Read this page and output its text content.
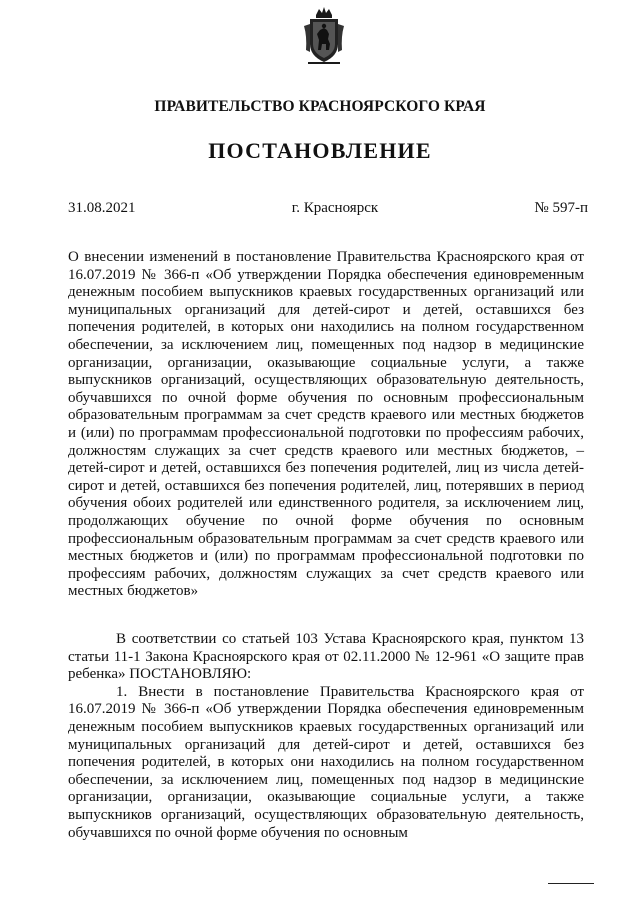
ПРАВИТЕЛЬСТВО КРАСНОЯРСКОГО КРАЯ
ПОСТАНОВЛЕНИЕ
31.08.2021	г. Красноярск	№ 597-п
О внесении изменений в постановление Правительства Красноярского края от 16.07.2019 № 366-п «Об утверждении Порядка обеспечения единовременным денежным пособием выпускников краевых государственных организаций или муниципальных организаций для детей-сирот и детей, оставшихся без попечения родителей, в которых они находились на полном государственном обеспечении, за исключением лиц, помещенных под надзор в медицинские организации, организации, оказывающие социальные услуги, а также выпускников организаций, осуществляющих образовательную деятельность, обучавшихся по очной форме обучения по основным профессиональным образовательным программам за счет средств краевого или местных бюджетов и (или) по программам профессиональной подготовки по профессиям рабочих, должностям служащих за счет средств краевого или местных бюджетов, – детей-сирот и детей, оставшихся без попечения родителей, лиц из числа детей-сирот и детей, оставшихся без попечения родителей, лиц, потерявших в период обучения обоих родителей или единственного родителя, за исключением лиц, продолжающих обучение по очной форме обучения по основным профессиональным образовательным программам за счет средств краевого или местных бюджетов и (или) по программам профессиональной подготовки по профессиям рабочих, должностям служащих за счет средств краевого или местных бюджетов»

В соответствии со статьей 103 Устава Красноярского края, пунктом 13 статьи 11-1 Закона Красноярского края от 02.11.2000 № 12-961 «О защите прав ребенка» ПОСТАНОВЛЯЮ:

1. Внести в постановление Правительства Красноярского края от 16.07.2019 № 366-п «Об утверждении Порядка обеспечения единовременным денежным пособием выпускников краевых государственных организаций или муниципальных организаций для детей-сирот и детей, оставшихся без попечения родителей, в которых они находились на полном государственном обеспечении, за исключением лиц, помещенных под надзор в медицинские организации, организации, оказывающие социальные услуги, а также выпускников организаций, осуществляющих образовательную деятельность, обучавшихся по очной форме обучения по основным
